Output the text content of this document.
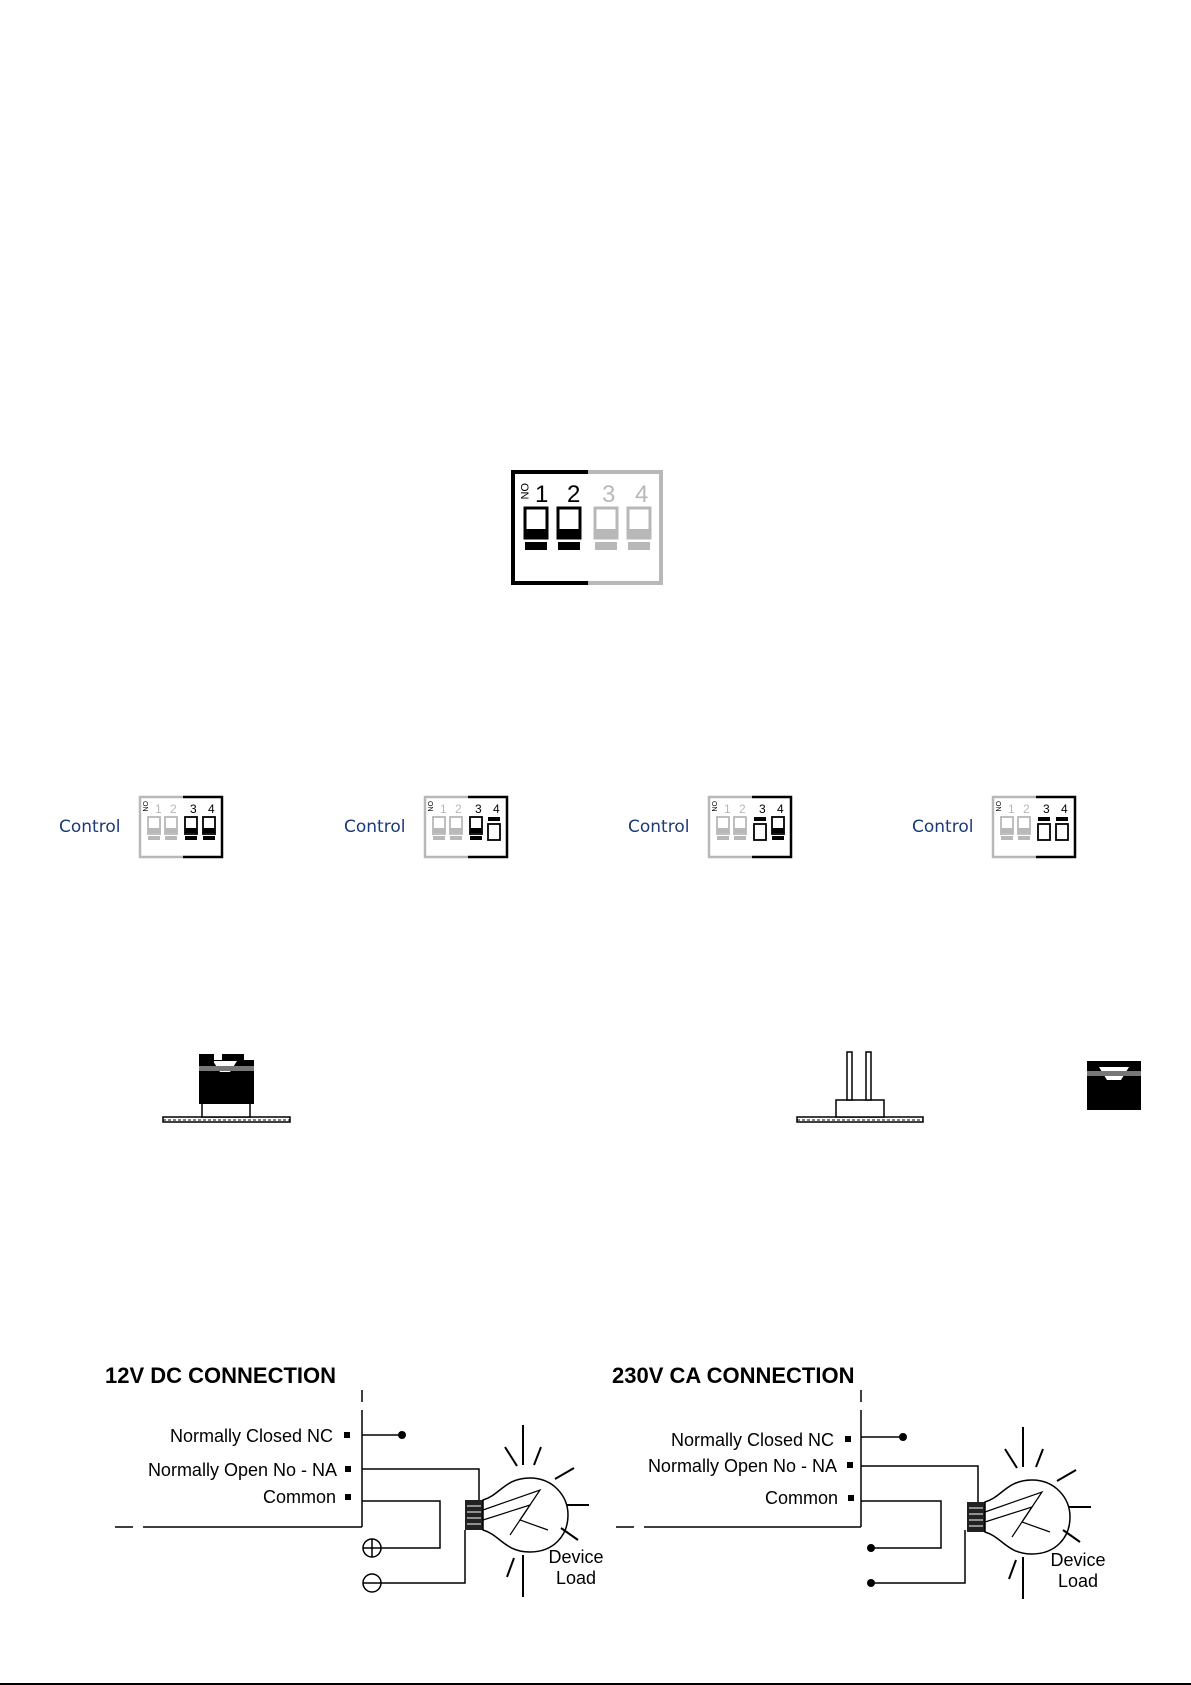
ON 1 2 3 4
Control
ON 1 2 3 4
Control
ON 1 2 3 4
Control
ON 1 2 3 4
Control
ON 1 2 3 4
12V DC CONNECTION
Normally Closed NC
Normally Open No - NA
Common
Device
Load
230V CA CONNECTION
Normally Closed NC
Normally Open No - NA
Common
Device
Load
